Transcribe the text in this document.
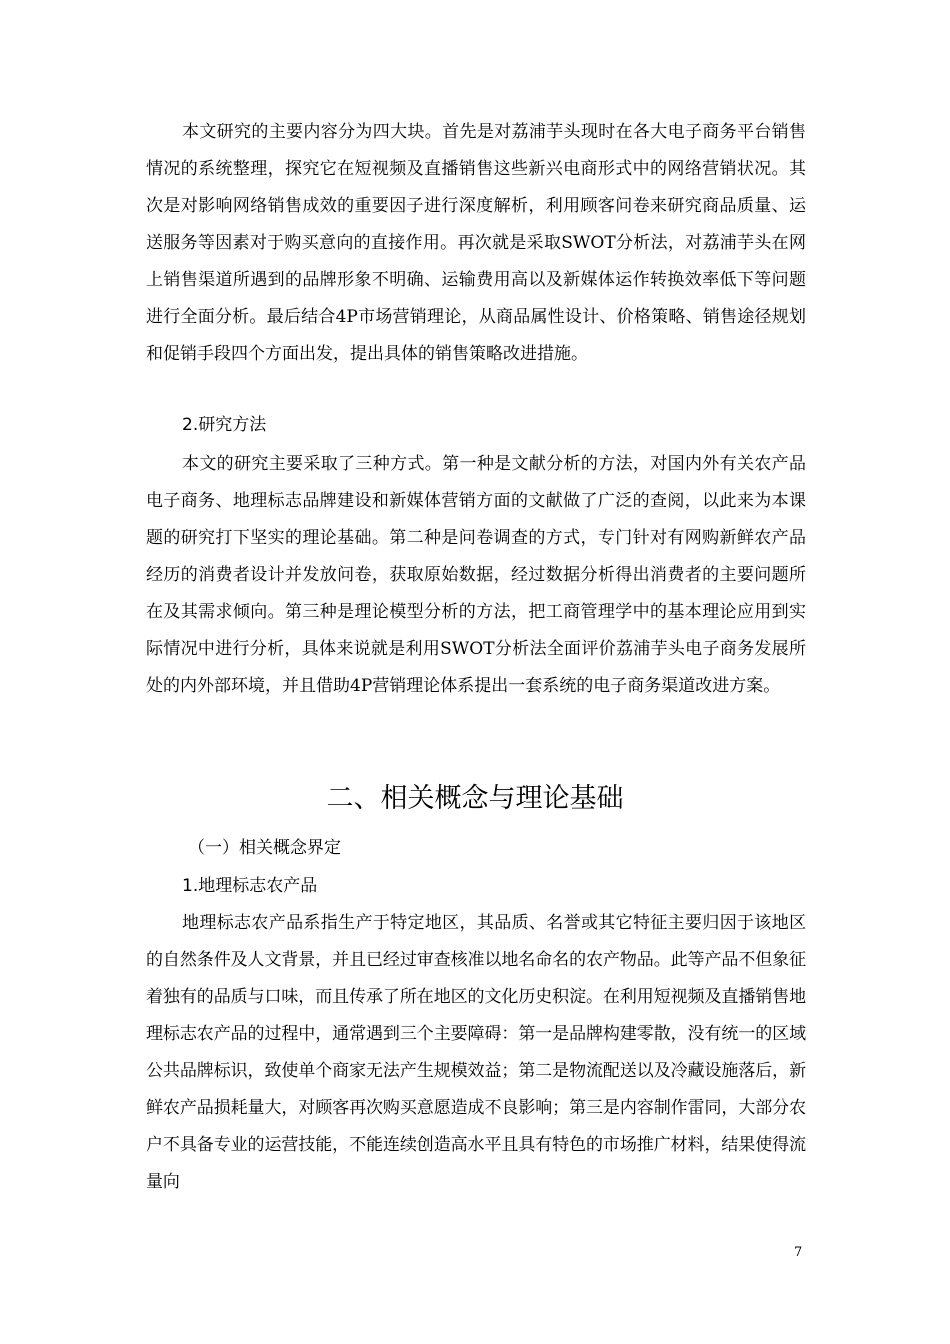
本文研究的主要内容分为四大块。首先是对荔浦芋头现时在各大电子商务平台销售情况的系统整理，探究它在短视频及直播销售这些新兴电商形式中的网络营销状况。其次是对影响网络销售成效的重要因子进行深度解析，利用顾客问卷来研究商品质量、运送服务等因素对于购买意向的直接作用。再次就是采取SWOT分析法，对荔浦芋头在网上销售渠道所遇到的品牌形象不明确、运输费用高以及新媒体运作转换效率低下等问题进行全面分析。最后结合4P市场营销理论，从商品属性设计、价格策略、销售途径规划和促销手段四个方面出发，提出具体的销售策略改进措施。

2.研究方法

本文的研究主要采取了三种方式。第一种是文献分析的方法，对国内外有关农产品电子商务、地理标志品牌建设和新媒体营销方面的文献做了广泛的查阅，以此来为本课题的研究打下坚实的理论基础。第二种是问卷调查的方式，专门针对有网购新鲜农产品经历的消费者设计并发放问卷，获取原始数据，经过数据分析得出消费者的主要问题所在及其需求倾向。第三种是理论模型分析的方法，把工商管理学中的基本理论应用到实际情况中进行分析，具体来说就是利用SWOT分析法全面评价荔浦芋头电子商务发展所处的内外部环境，并且借助4P营销理论体系提出一套系统的电子商务渠道改进方案。

二、相关概念与理论基础

（一）相关概念界定

1.地理标志农产品

地理标志农产品系指生产于特定地区，其品质、名誉或其它特征主要归因于该地区的自然条件及人文背景，并且已经过审查核准以地名命名的农产物品。此等产品不但象征着独有的品质与口味，而且传承了所在地区的文化历史积淀。在利用短视频及直播销售地理标志农产品的过程中，通常遇到三个主要障碍：第一是品牌构建零散，没有统一的区域公共品牌标识，致使单个商家无法产生规模效益；第二是物流配送以及冷藏设施落后，新鲜农产品损耗量大，对顾客再次购买意愿造成不良影响；第三是内容制作雷同，大部分农户不具备专业的运营技能，不能连续创造高水平且具有特色的市场推广材料，结果使得流量向

7
